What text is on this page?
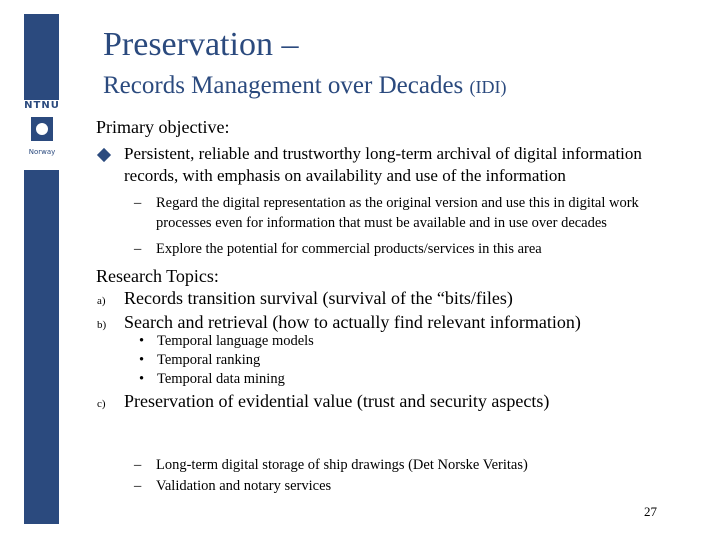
NTNU
Norway
Preservation –
Records Management over Decades (IDI)
Primary objective:
Persistent, reliable and trustworthy long-term archival of digital information
records, with emphasis on availability and use of the information
– Regard the digital representation as the original version and use this in digital work
processes even for information that must be available and in use over decades
– Explore the potential for commercial products/services in this area
Research Topics:
a) Records transition survival (survival of the “bits/files)
b) Search and retrieval (how to actually find relevant information)
• Temporal language models
• Temporal ranking
• Temporal data mining
c) Preservation of evidential value (trust and security aspects)
– Long-term digital storage of ship drawings (Det Norske Veritas)
– Validation and notary services
27
